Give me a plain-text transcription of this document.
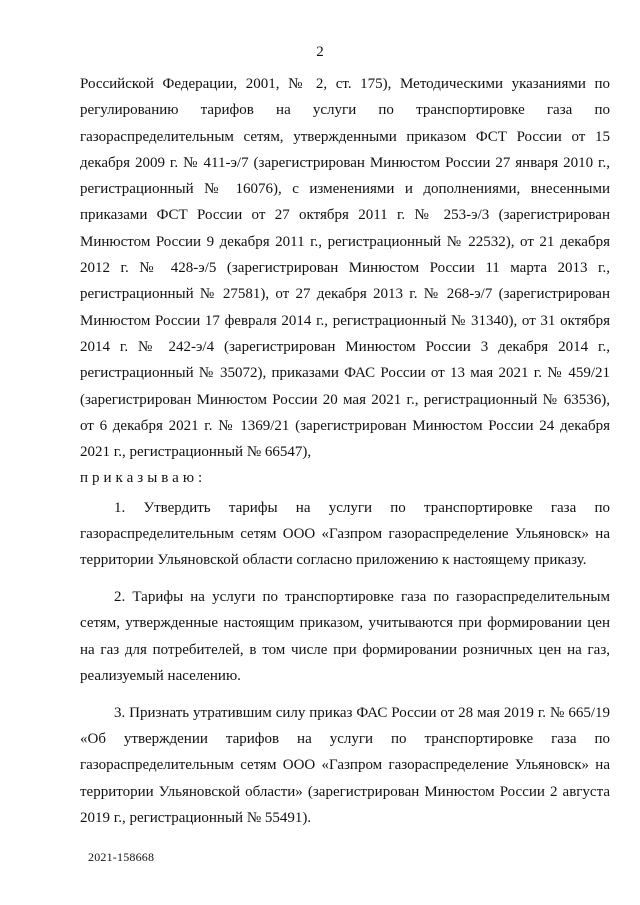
2

Российской Федерации, 2001, № 2, ст. 175), Методическими указаниями по регулированию тарифов на услуги по транспортировке газа по газораспределительным сетям, утвержденными приказом ФСТ России от 15 декабря 2009 г. № 411-э/7 (зарегистрирован Минюстом России 27 января 2010 г., регистрационный № 16076), с изменениями и дополнениями, внесенными приказами ФСТ России от 27 октября 2011 г. № 253-э/3 (зарегистрирован Минюстом России 9 декабря 2011 г., регистрационный № 22532), от 21 декабря 2012 г. № 428-э/5 (зарегистрирован Минюстом России 11 марта 2013 г., регистрационный № 27581), от 27 декабря 2013 г. № 268-э/7 (зарегистрирован Минюстом России 17 февраля 2014 г., регистрационный № 31340), от 31 октября 2014 г. № 242-э/4 (зарегистрирован Минюстом России 3 декабря 2014 г., регистрационный № 35072), приказами ФАС России от 13 мая 2021 г. № 459/21 (зарегистрирован Минюстом России 20 мая 2021 г., регистрационный № 63536), от 6 декабря 2021 г. № 1369/21 (зарегистрирован Минюстом России 24 декабря 2021 г., регистрационный № 66547),

приказываю:

1. Утвердить тарифы на услуги по транспортировке газа по газораспределительным сетям ООО «Газпром газораспределение Ульяновск» на территории Ульяновской области согласно приложению к настоящему приказу.

2. Тарифы на услуги по транспортировке газа по газораспределительным сетям, утвержденные настоящим приказом, учитываются при формировании цен на газ для потребителей, в том числе при формировании розничных цен на газ, реализуемый населению.

3. Признать утратившим силу приказ ФАС России от 28 мая 2019 г. № 665/19 «Об утверждении тарифов на услуги по транспортировке газа по газораспределительным сетям ООО «Газпром газораспределение Ульяновск» на территории Ульяновской области» (зарегистрирован Минюстом России 2 августа 2019 г., регистрационный № 55491).

2021-158668
